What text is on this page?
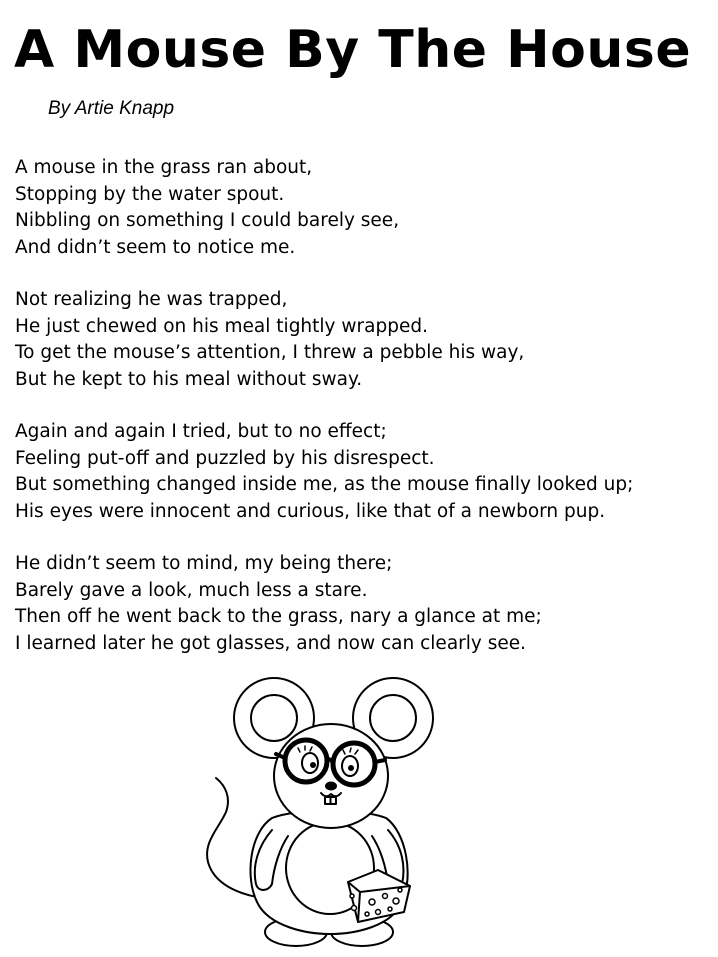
A Mouse By The House
By Artie Knapp
A mouse in the grass ran about,
Stopping by the water spout.
Nibbling on something I could barely see,
And didn’t seem to notice me.
Not realizing he was trapped,
He just chewed on his meal tightly wrapped.
To get the mouse’s attention, I threw a pebble his way,
But he kept to his meal without sway.
Again and again I tried, but to no effect;
Feeling put-off and puzzled by his disrespect.
But something changed inside me, as the mouse finally looked up;
His eyes were innocent and curious, like that of a newborn pup.
He didn’t seem to mind, my being there;
Barely gave a look, much less a stare.
Then off he went back to the grass, nary a glance at me;
I learned later he got glasses, and now can clearly see.
